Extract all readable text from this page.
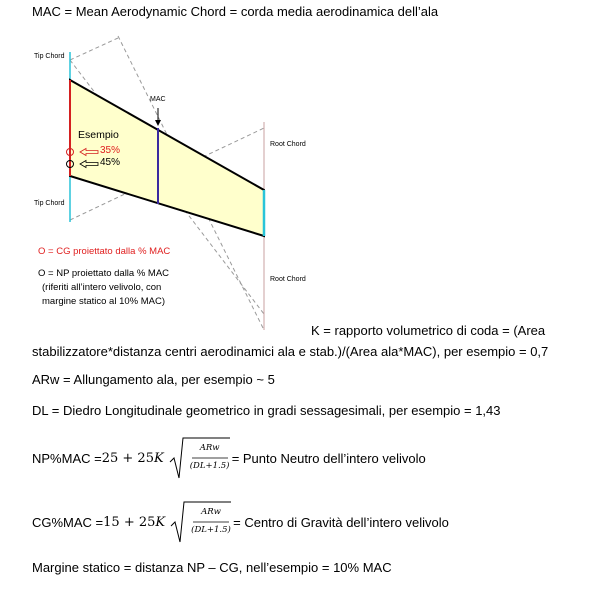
MAC = Mean Aerodynamic Chord = corda media aerodinamica dell’ala
Tip Chord
Tip Chord
Root Chord
Root Chord
MAC
Esempio
35%
45%
O = CG proiettato dalla % MAC
O = NP proiettato dalla % MAC
(riferiti all’intero velivolo, con
margine statico al 10% MAC)
K = rapporto volumetrico di coda = (Area
stabilizzatore*distanza centri aerodinamici ala e stab.)/(Area ala*MAC), per esempio = 0,7
ARw = Allungamento ala, per esempio ~ 5
DL = Diedro Longitudinale geometrico in gradi sessagesimali, per esempio = 1,43
NP%MAC = 25 + 25 K
ARw
(DL+1.5)
= Punto Neutro dell’intero velivolo
CG%MAC = 15 + 25 K
ARw
(DL+1.5)
= Centro di Gravità dell’intero velivolo
Margine statico = distanza NP – CG, nell’esempio = 10% MAC
